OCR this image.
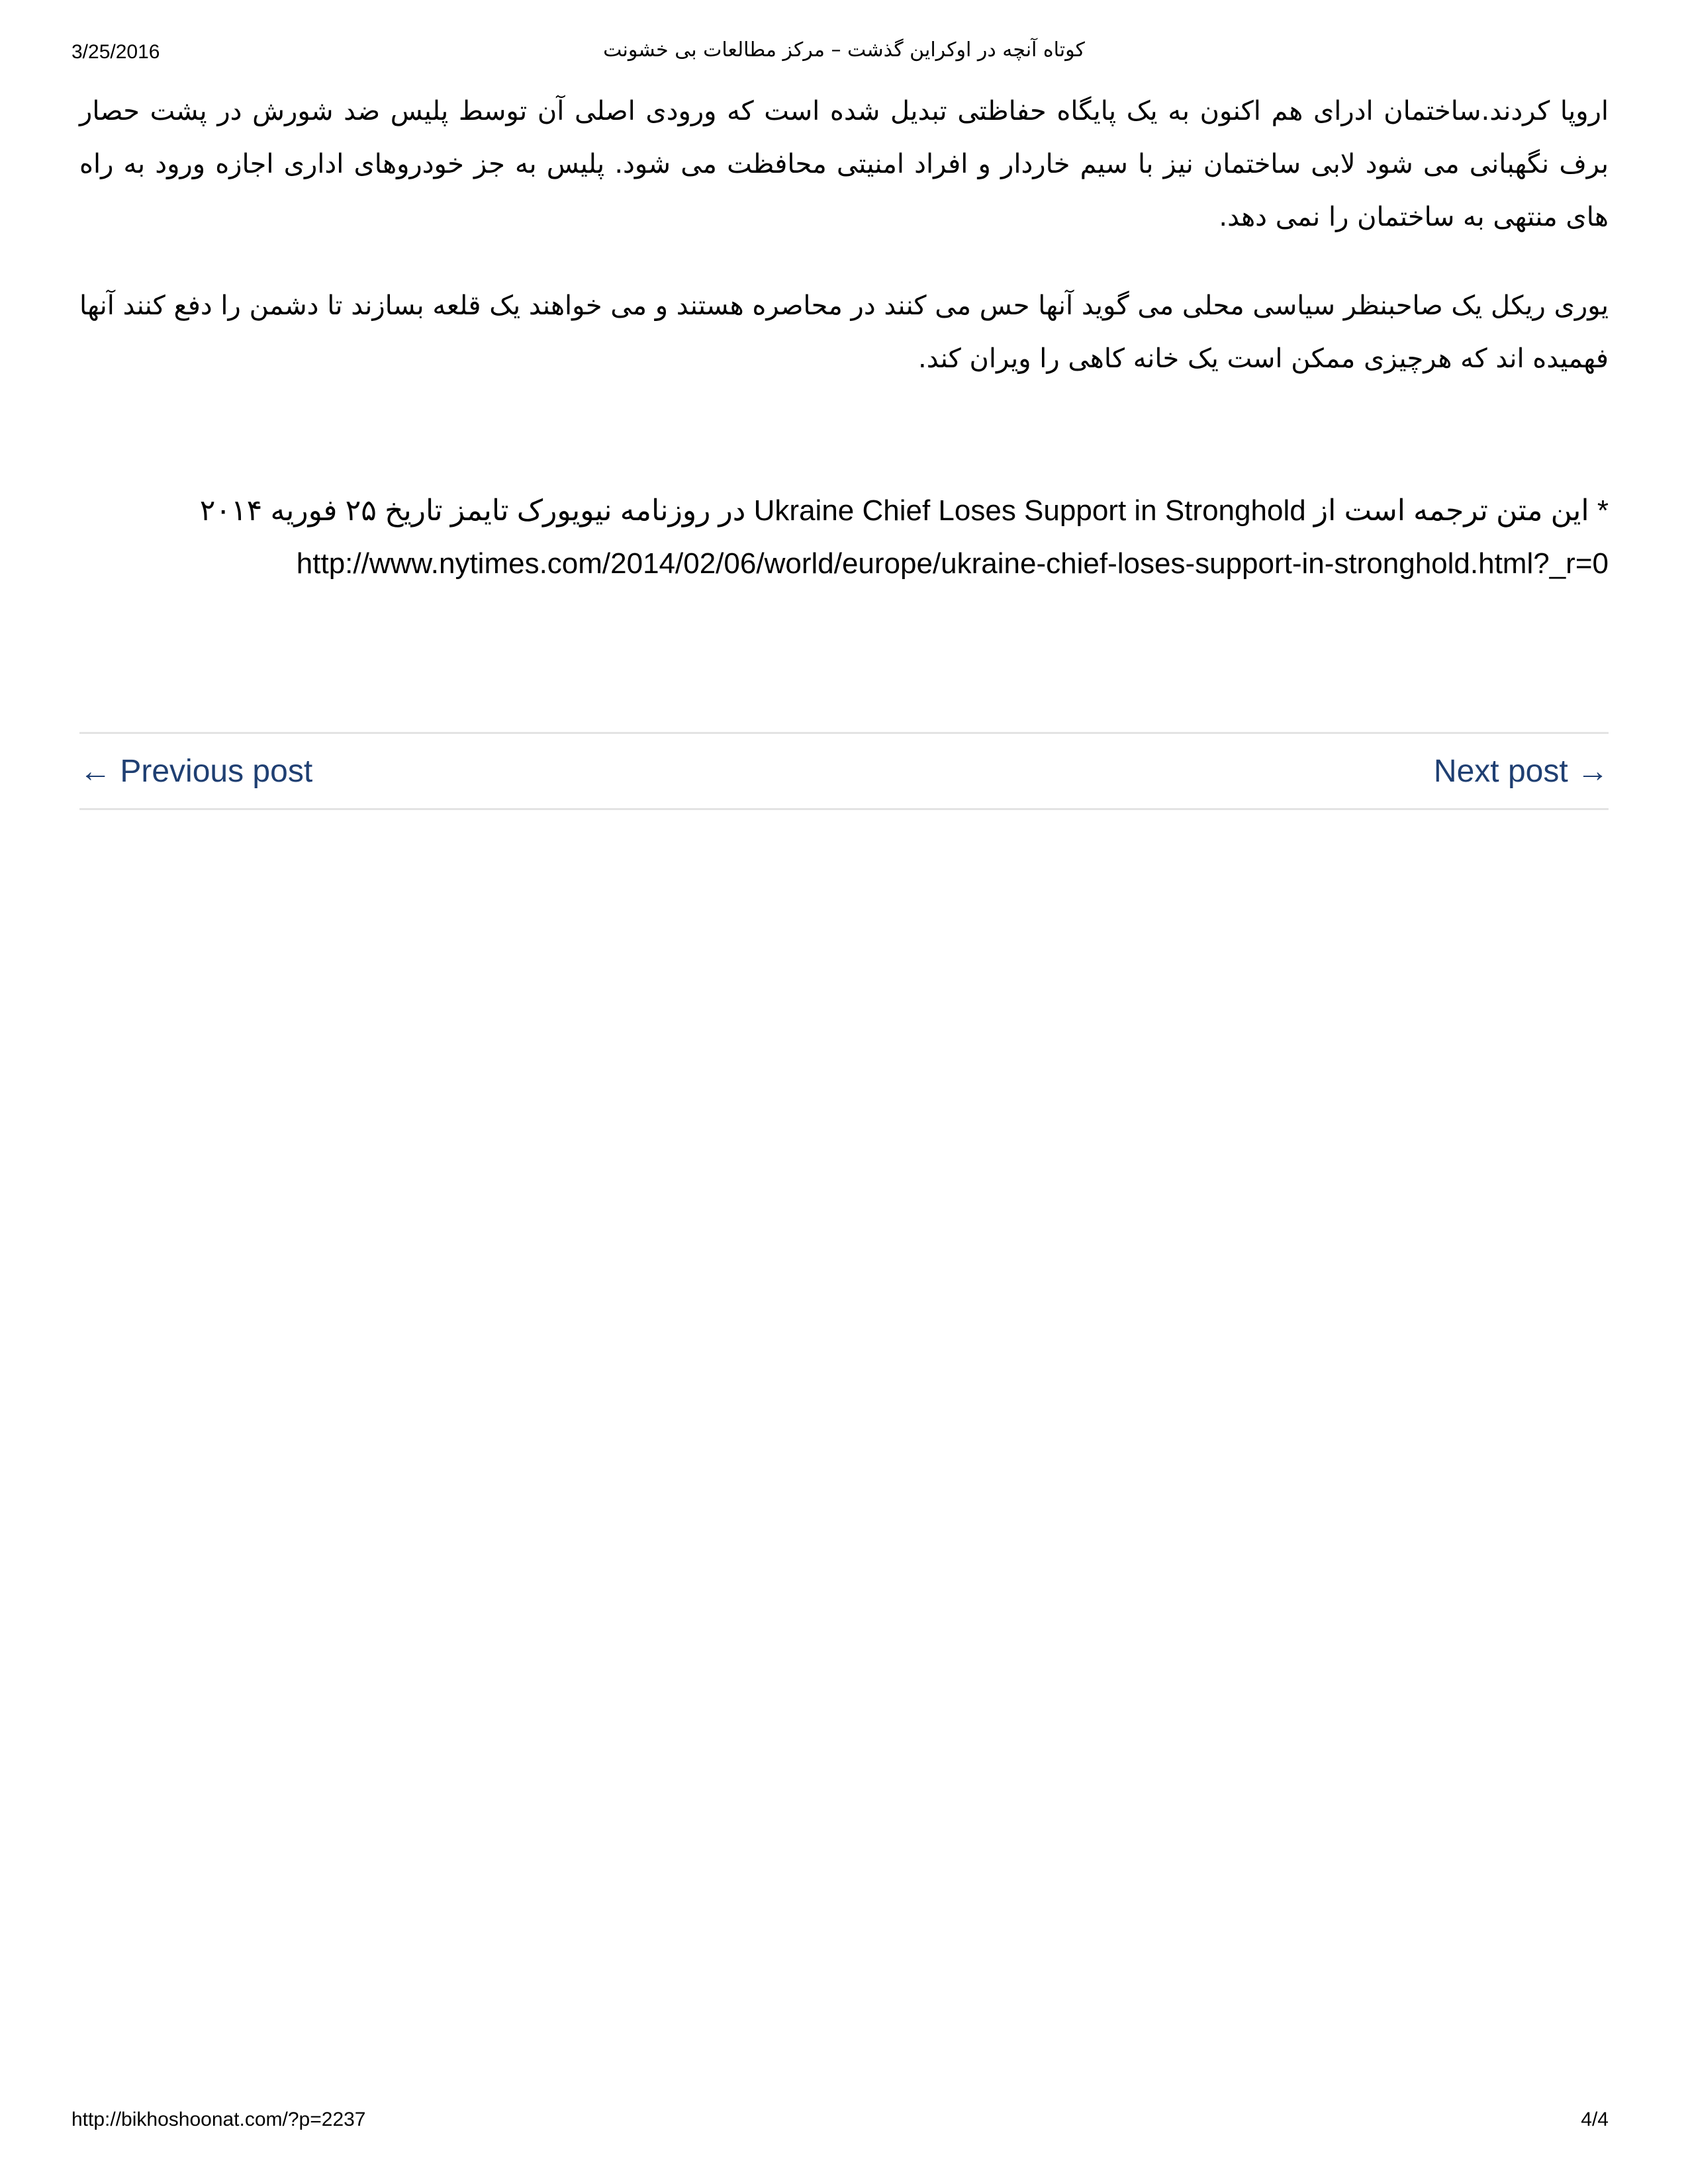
3/25/2016	کوتاه آنچه در اوکراین گذشت – مرکز مطالعات بی خشونت

اروپا کردند.ساختمان ادرای هم اکنون به یک پایگاه حفاظتی تبدیل شده است که ورودی اصلی آن توسط پلیس ضد شورش در پشت حصار برف نگهبانی می شود لابی ساختمان نیز با سیم خاردار و افراد امنیتی محافظت می شود. پلیس به جز خودروهای اداری اجازه ورود به راه های منتهی به ساختمان را نمی دهد.

یوری ریکل یک صاحبنظر سیاسی محلی می گوید آنها حس می کنند در محاصره هستند و می خواهند یک قلعه بسازند تا دشمن را دفع کنند آنها فهمیده اند که هرچیزی ممکن است یک خانه کاهی را ویران کند.

* این متن ترجمه است از Ukraine Chief Loses Support in Stronghold در روزنامه نیویورک تایمز تاریخ ۲۵ فوریه ۲۰۱۴ http://www.nytimes.com/2014/02/06/world/europe/ukraine-chief-loses-support-in-stronghold.html?_r=0
← Previous post	Next post →
http://bikhoshoonat.com/?p=2237	4/4
